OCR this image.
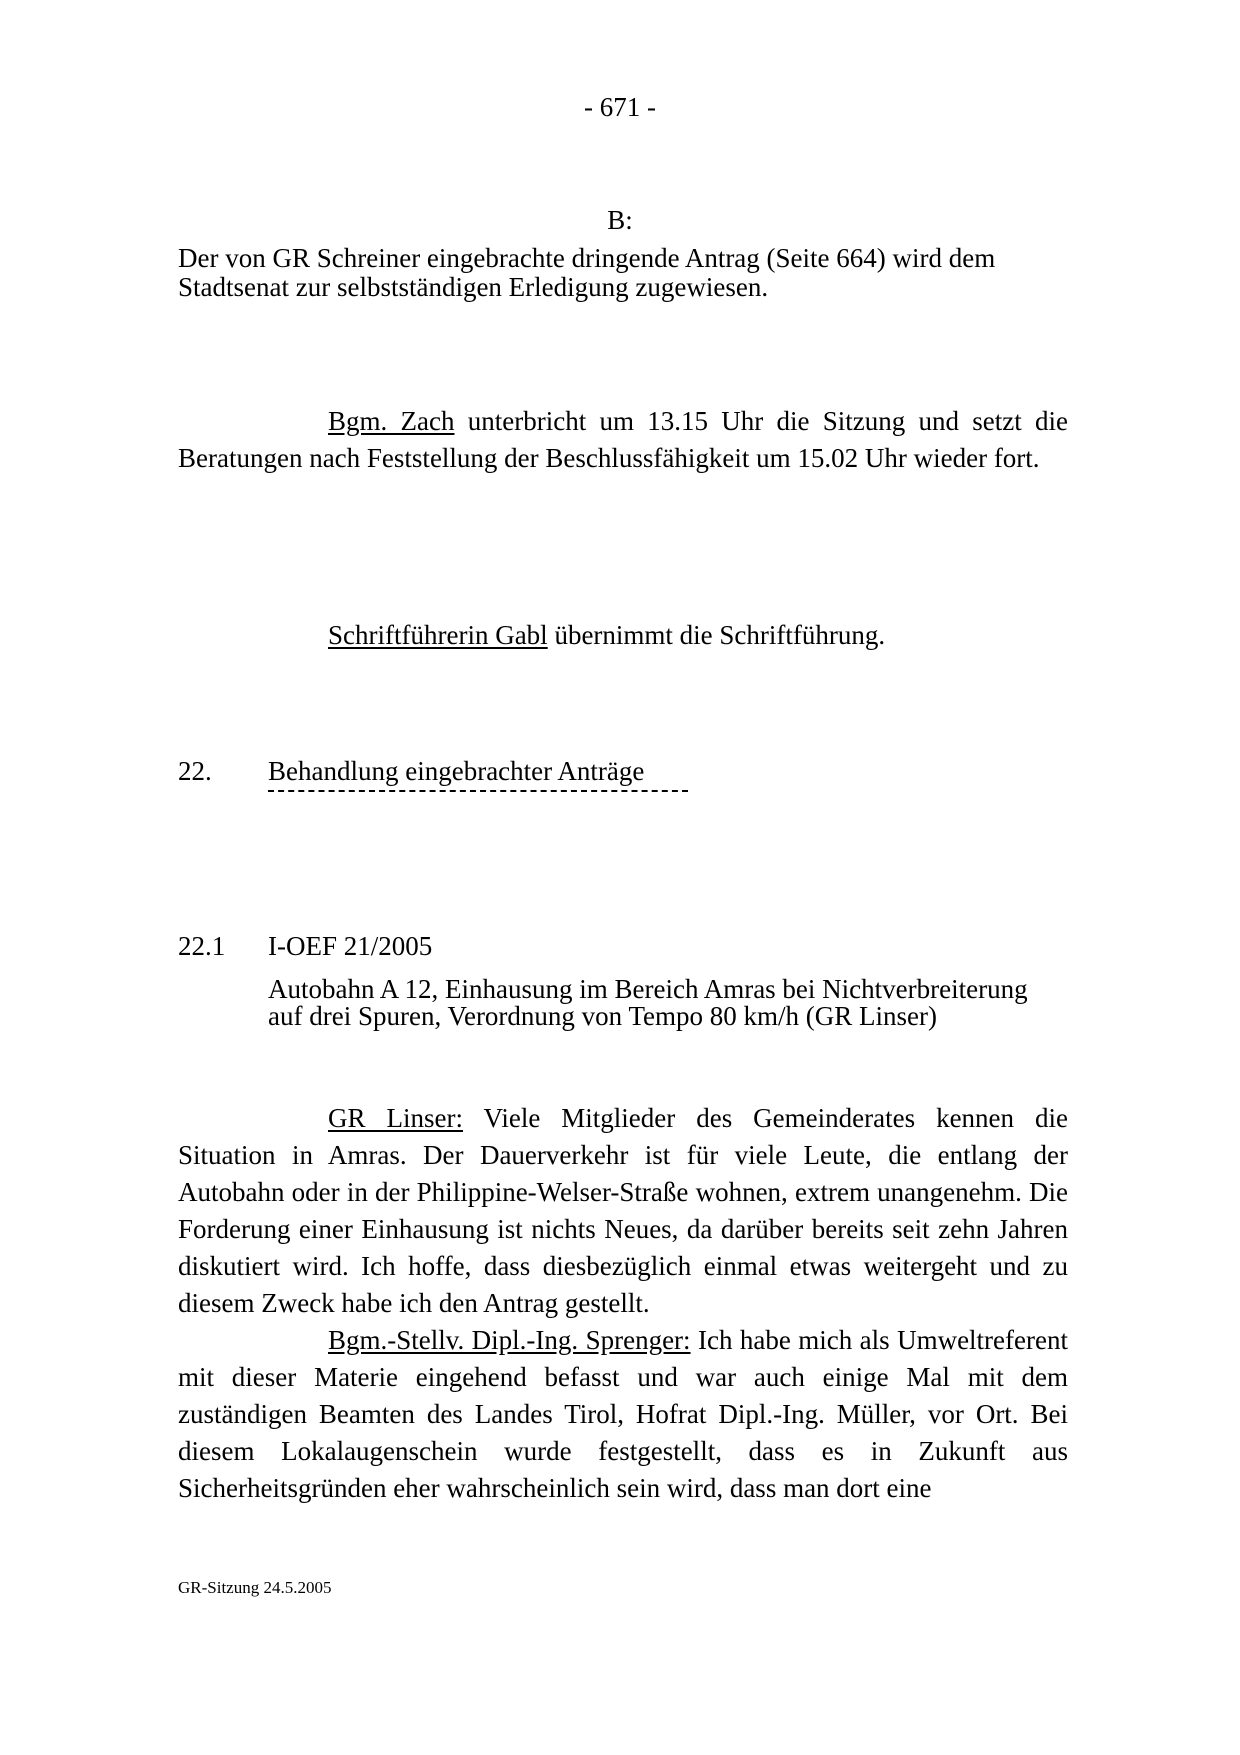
- 671 -
B:
Der von GR Schreiner eingebrachte dringende Antrag (Seite 664) wird dem Stadtsenat zur selbstständigen Erledigung zugewiesen.
Bgm. Zach unterbricht um 13.15 Uhr die Sitzung und setzt die Beratungen nach Feststellung der Beschlussfähigkeit um 15.02 Uhr wieder fort.
Schriftführerin Gabl übernimmt die Schriftführung.
22. Behandlung eingebrachter Anträge
22.1 I-OEF 21/2005
Autobahn A 12, Einhausung im Bereich Amras bei Nichtverbreiterung auf drei Spuren, Verordnung von Tempo 80 km/h (GR Linser)
GR Linser: Viele Mitglieder des Gemeinderates kennen die Situation in Amras. Der Dauerverkehr ist für viele Leute, die entlang der Autobahn oder in der Philippine-Welser-Straße wohnen, extrem unangenehm. Die Forderung einer Einhausung ist nichts Neues, da darüber bereits seit zehn Jahren diskutiert wird. Ich hoffe, dass diesbezüglich einmal etwas weitergeht und zu diesem Zweck habe ich den Antrag gestellt.
Bgm.-Stellv. Dipl.-Ing. Sprenger: Ich habe mich als Umweltreferent mit dieser Materie eingehend befasst und war auch einige Mal mit dem zuständigen Beamten des Landes Tirol, Hofrat Dipl.-Ing. Müller, vor Ort. Bei diesem Lokalaugenschein wurde festgestellt, dass es in Zukunft aus Sicherheitsgründen eher wahrscheinlich sein wird, dass man dort eine
GR-Sitzung 24.5.2005
